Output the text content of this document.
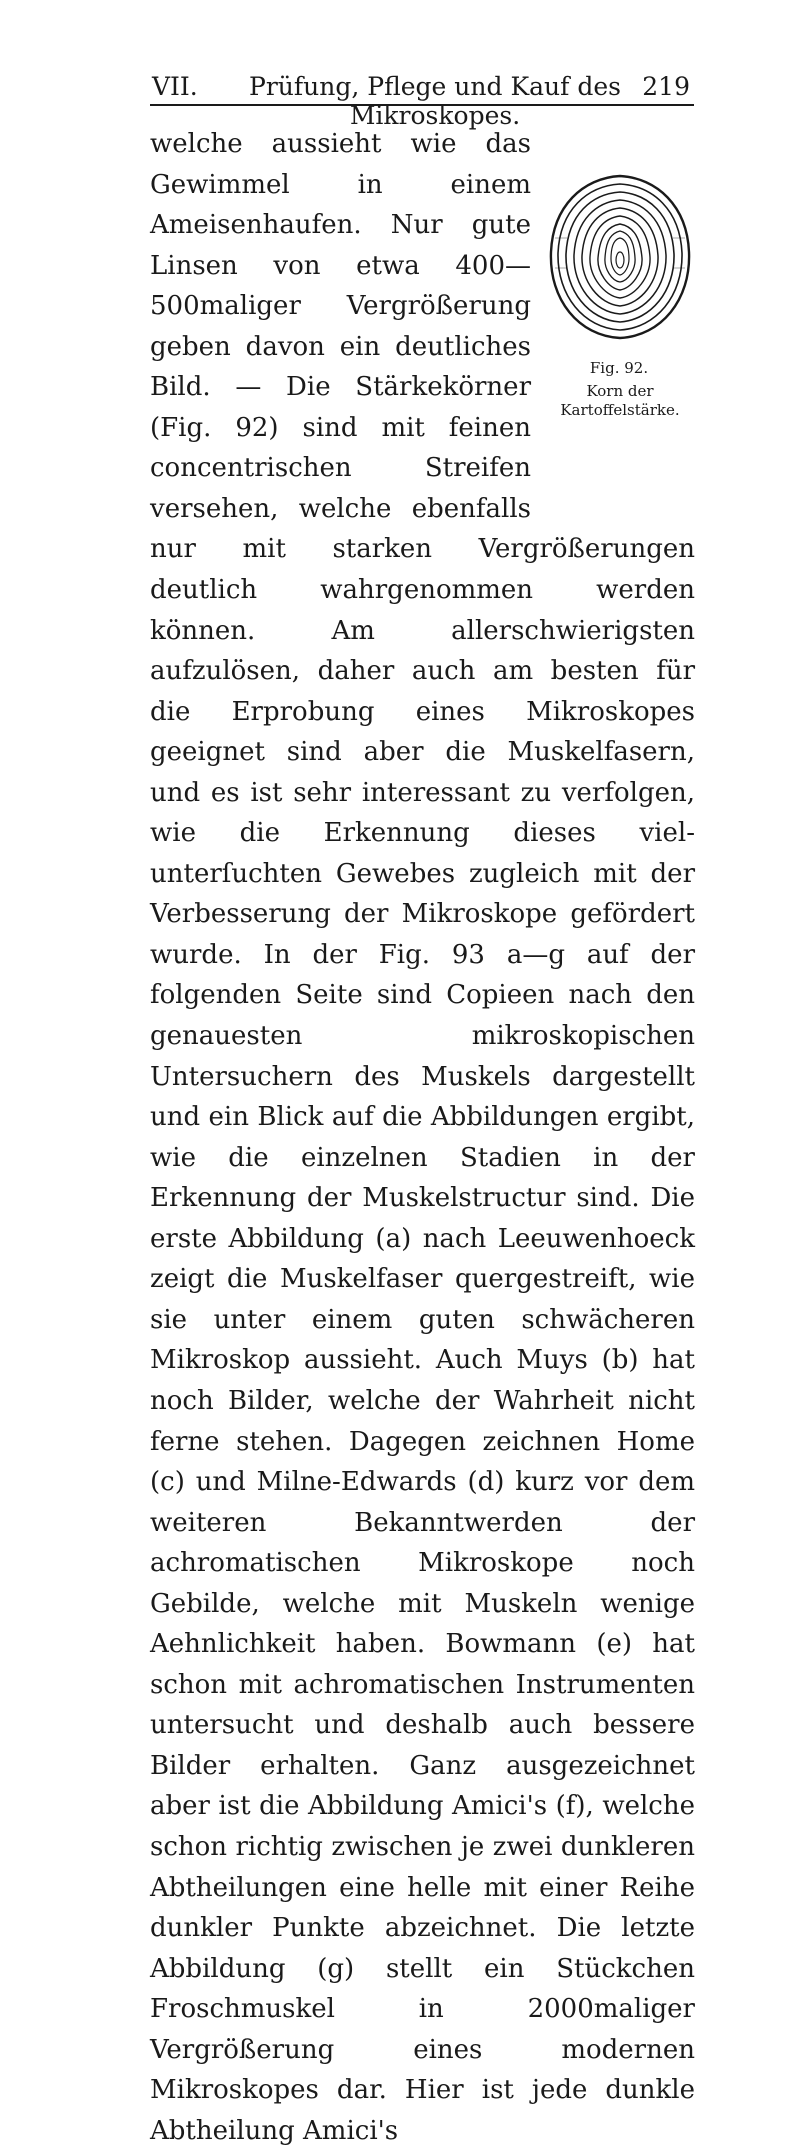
VII.	Prüfung, Pflege und Kauf des Mikroskopes.
219
Fig. 92.
Korn der Kartoffelstärke.

welche aussieht wie das Gewimmel in einem Ameisenhaufen. Nur gute Linsen von etwa 400—500maliger Vergrößerung geben davon ein deutliches Bild. — Die Stärkekörner (Fig. 92) sind mit feinen concentrischen Streifen versehen, welche ebenfalls nur mit starken Vergrößerungen deutlich wahrgenommen werden können. Am allerschwierigsten aufzulösen, daher auch am besten für die Erprobung eines Mikroskopes geeignet sind aber die Muskelfasern, und es ist sehr interessant zu verfolgen, wie die Erkennung dieses vielunterſuchten Gewebes zugleich mit der Verbesserung der Mikroskope gefördert wurde. In der Fig. 93 a—g auf der folgenden Seite sind Copieen nach den genauesten mikroskopischen Untersuchern des Muskels dargestellt und ein Blick auf die Abbildungen ergibt, wie die einzelnen Stadien in der Erkennung der Muskelstructur sind. Die erste Abbildung (a) nach Leeuwenhoeck zeigt die Muskelfaser quergestreift, wie sie unter einem guten schwächeren Mikroskop aussieht. Auch Muys (b) hat noch Bilder, welche der Wahrheit nicht ferne stehen. Dagegen zeichnen Home (c) und Milne-Edwards (d) kurz vor dem weiteren Bekanntwerden der achromatischen Mikroskope noch Gebilde, welche mit Muskeln wenige Aehnlichkeit haben. Bowmann (e) hat schon mit achromatischen Instrumenten untersucht und deshalb auch bessere Bilder erhalten. Ganz ausgezeichnet aber ist die Abbildung Amici's (f), welche schon richtig zwischen je zwei dunkleren Abtheilungen eine helle mit einer Reihe dunkler Punkte abzeichnet. Die letzte Abbildung (g) stellt ein Stückchen Froschmuskel in 2000maliger Vergrößerung eines modernen Mikroskopes dar. Hier ist jede dunkle Abtheilung Amici's
